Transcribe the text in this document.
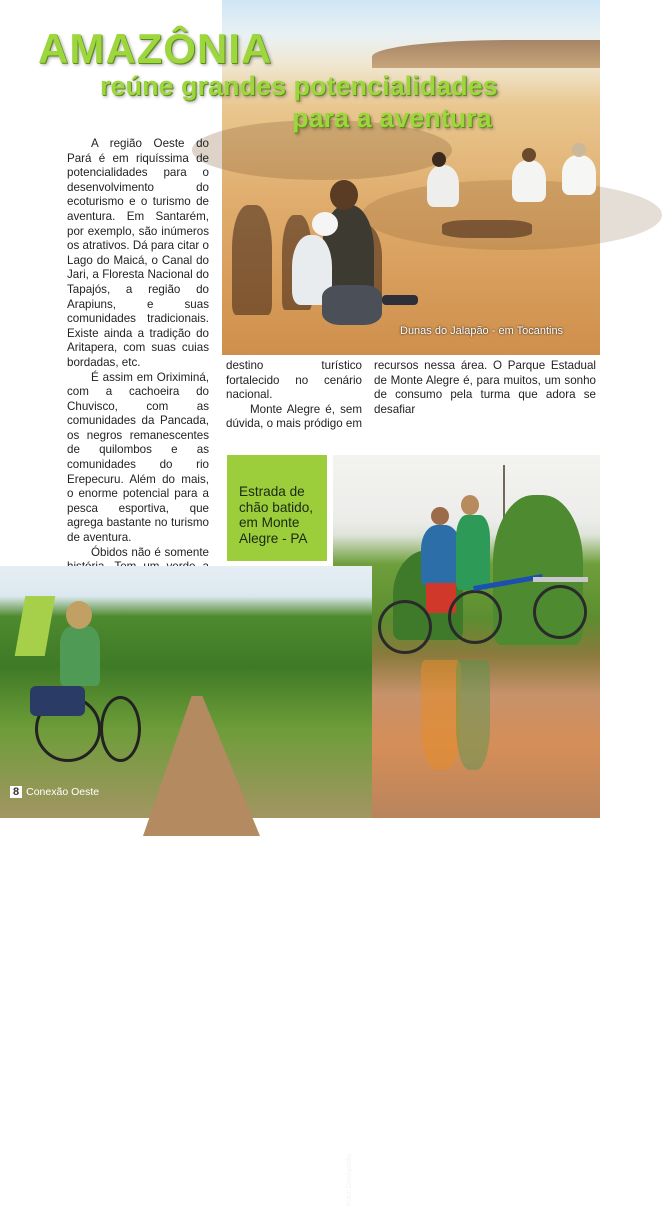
AMAZÔNIA
reúne grandes potencialidades
para a aventura
Dunas do Jalapão - em Tocantins

A região Oeste do Pará é em riquíssima de potencialidades para o desenvolvimento do ecoturismo e o turismo de aventura. Em Santarém, por exemplo, são inúmeros os atrativos. Dá para citar o Lago do Maicá, o Canal do Jari, a Floresta Nacional do Tapajós, a região do Arapiuns, e suas comunidades tradicionais. Existe ainda a tradição do Aritapera, com suas cuias bordadas, etc.

É assim em Oriximiná, com a cachoeira do Chuvisco, com as comunidades da Pancada, os negros remanescentes de quilombos e as comunidades do rio Erepecuru. Além do mais, o enorme potencial para a pesca esportiva, que agrega bastante no turismo de aventura.

Óbidos não é somente

destino turístico fortalecido no cenário nacional.

Monte Alegre é, sem dúvida, o mais pródigo em

recursos nessa área. O Parque Estadual de Monte Alegre é, para muitos, um sonho de consumo pela turma que adora se desafiar

Estrada de chão batido, em Monte Alegre - PA
Foto: Divulgação
8 Conexão Oeste
